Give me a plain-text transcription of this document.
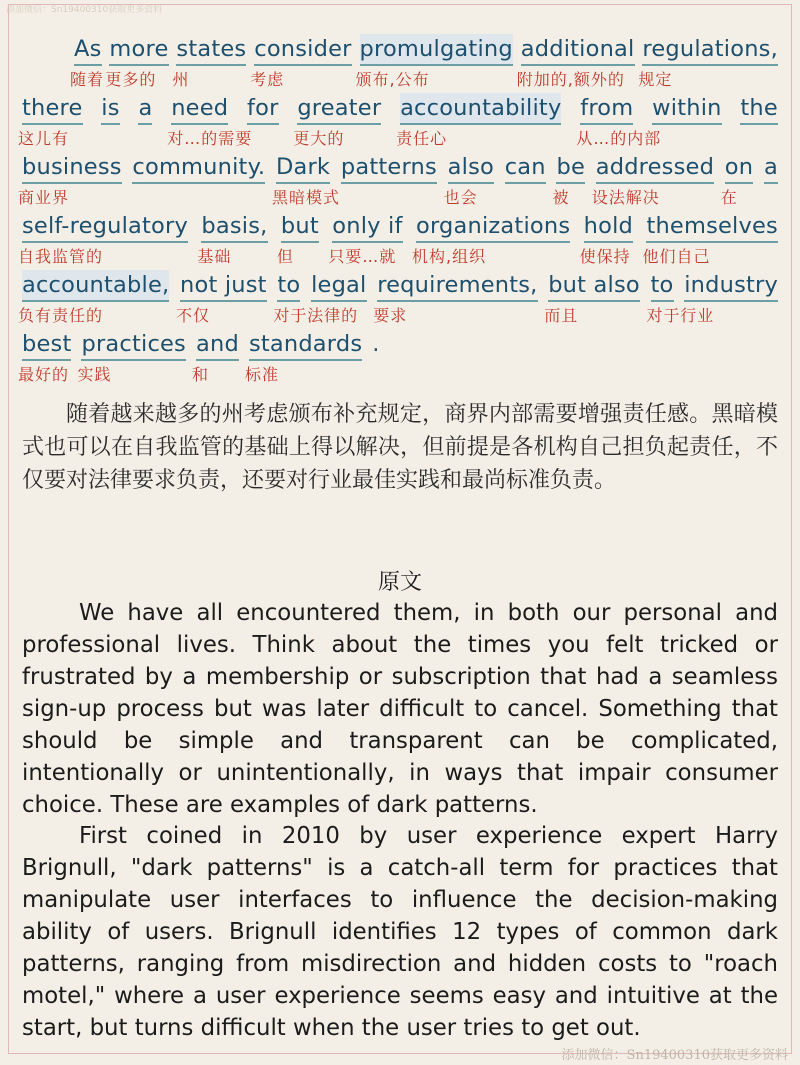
添加微信：Sn19400310获取更多资料
As
随着
more
更多的
states
州
consider
考虑
promulgating
颁布,公布
additional
附加的,额外的
regulations,
规定
there
这儿有
is a need
对…的需要
for greater
更大的
accountability
责任心
from
从…的内部
within the
business
商业界
community. Dark
黑暗模式
patterns also
也会
can be
被
addressed
设法解决
on
在
a
self-regulatory
自我监管的
basis,
基础
but
但
only if
只要…就
organizations
机构,组织
hold
使保持
themselves
他们自己
accountable,
负有责任的
not just
不仅
to
对于
legal
法律的
requirements,
要求
but also
而且
to
对于
industry
行业
best
最好的
practices
实践
and
和
standards
标准
.

随着越来越多的州考虑颁布补充规定，商界内部需要增强责任感。黑暗模式也可以在自我监管的基础上得以解决，但前提是各机构自己担负起责任，不仅要对法律要求负责，还要对行业最佳实践和最尚标准负责。

原文

We have all encountered them, in both our personal and professional lives. Think about the times you felt tricked or frustrated by a membership or subscription that had a seamless sign-up process but was later difficult to cancel. Something that should be simple and transparent can be complicated, intentionally or unintentionally, in ways that impair consumer choice. These are examples of dark patterns.

First coined in 2010 by user experience expert Harry Brignull, "dark patterns" is a catch-all term for practices that manipulate user interfaces to influence the decision-making ability of users. Brignull identifies 12 types of common dark patterns, ranging from misdirection and hidden costs to "roach motel," where a user experience seems easy and intuitive at the start, but turns difficult when the user tries to get out.

添加微信：Sn19400310获取更多资料
